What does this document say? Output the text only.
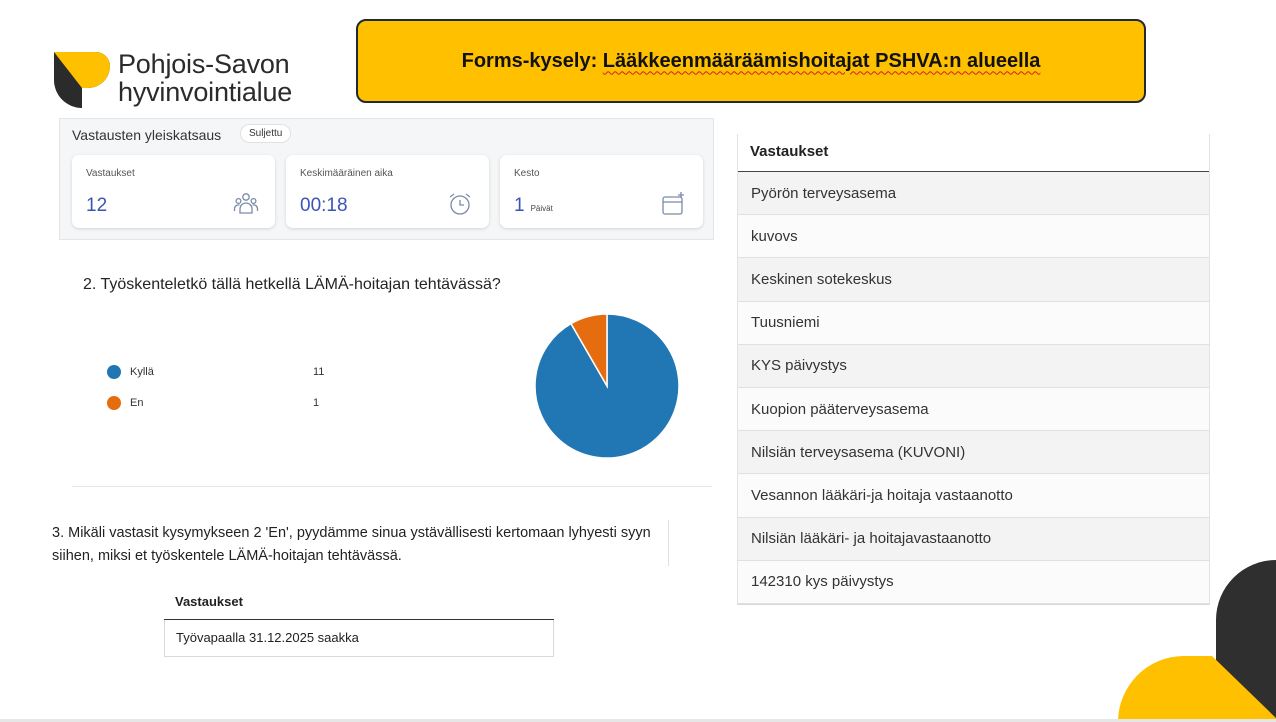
Pohjois-Savon
hyvinvointialue
Forms-kysely: Lääkkeenmääräämishoitajat PSHVA:n alueella
Vastausten yleiskatsaus	Suljettu
Vastaukset
12
Keskimääräinen aika
00:18
Kesto
1 Päivät
2. Työskenteletkö tällä hetkellä LÄMÄ-hoitajan tehtävässä?
Kyllä	11
En	1
3. Mikäli vastasit kysymykseen 2 'En', pyydämme sinua ystävällisesti kertomaan lyhyesti syyn siihen, miksi et työskentele LÄMÄ-hoitajan tehtävässä.
Vastaukset
Työvapaalla 31.12.2025 saakka
Vastaukset
Pyörön terveysasema
kuvovs
Keskinen sotekeskus
Tuusniemi
KYS päivystys
Kuopion pääterveysasema
Nilsiän terveysasema (KUVONI)
Vesannon lääkäri-ja hoitaja vastaanotto
Nilsiän lääkäri- ja hoitajavastaanotto
142310 kys päivystys
